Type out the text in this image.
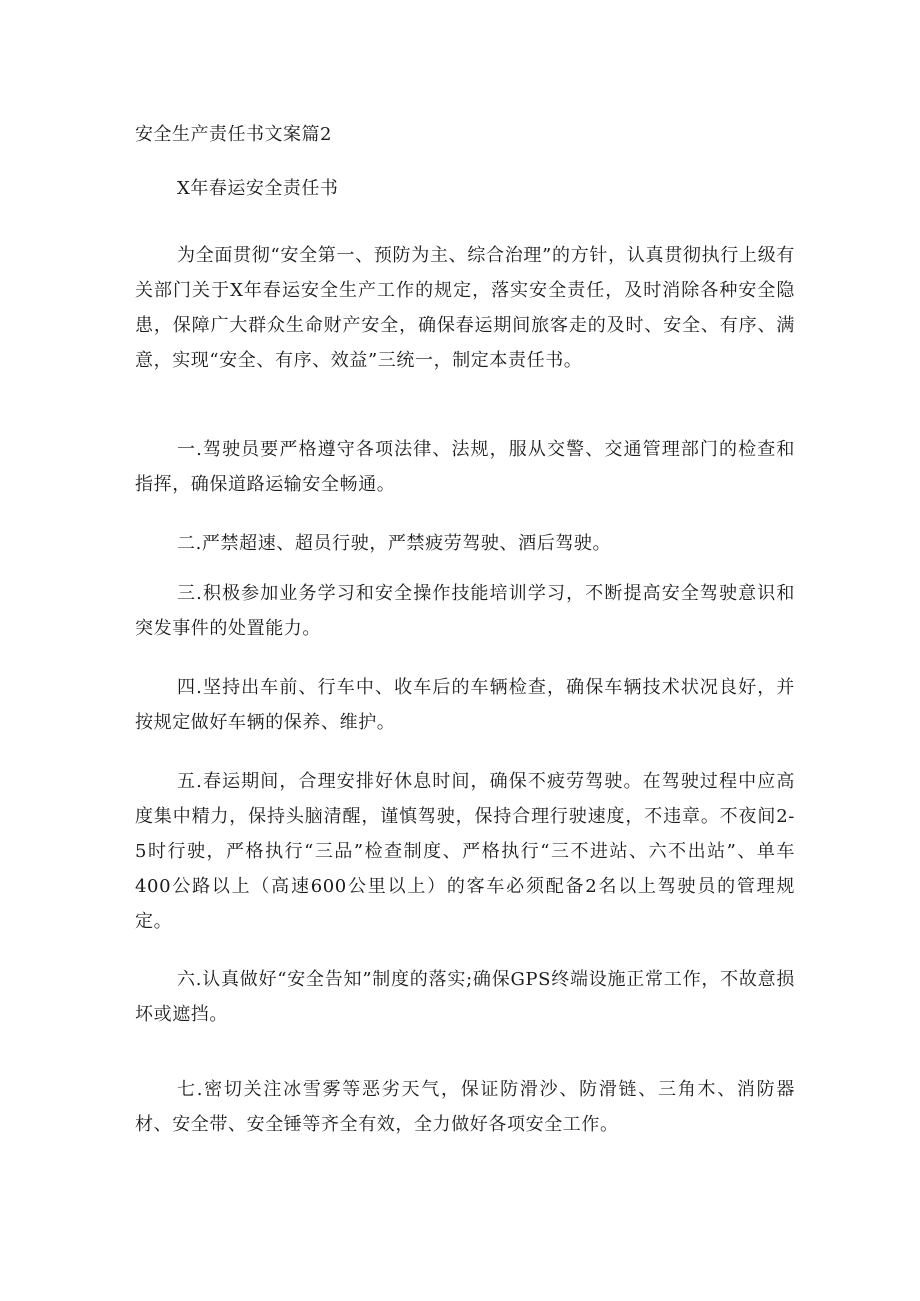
安全生产责任书文案篇2

X年春运安全责任书

为全面贯彻“安全第一、预防为主、综合治理”的方针，认真贯彻执行上级有关部门关于X年春运安全生产工作的规定，落实安全责任，及时消除各种安全隐患，保障广大群众生命财产安全，确保春运期间旅客走的及时、安全、有序、满意，实现“安全、有序、效益”三统一，制定本责任书。

一.驾驶员要严格遵守各项法律、法规，服从交警、交通管理部门的检查和指挥，确保道路运输安全畅通。

二.严禁超速、超员行驶，严禁疲劳驾驶、酒后驾驶。

三.积极参加业务学习和安全操作技能培训学习，不断提高安全驾驶意识和突发事件的处置能力。

四.坚持出车前、行车中、收车后的车辆检查，确保车辆技术状况良好，并按规定做好车辆的保养、维护。

五.春运期间，合理安排好休息时间，确保不疲劳驾驶。在驾驶过程中应高度集中精力，保持头脑清醒，谨慎驾驶，保持合理行驶速度，不违章。不夜间2-5时行驶，严格执行“三品”检查制度、严格执行“三不进站、六不出站”、单车400公路以上（高速600公里以上）的客车必须配备2名以上驾驶员的管理规定。

六.认真做好“安全告知”制度的落实;确保GPS终端设施正常工作，不故意损坏或遮挡。

七.密切关注冰雪雾等恶劣天气，保证防滑沙、防滑链、三角木、消防器材、安全带、安全锤等齐全有效，全力做好各项安全工作。
